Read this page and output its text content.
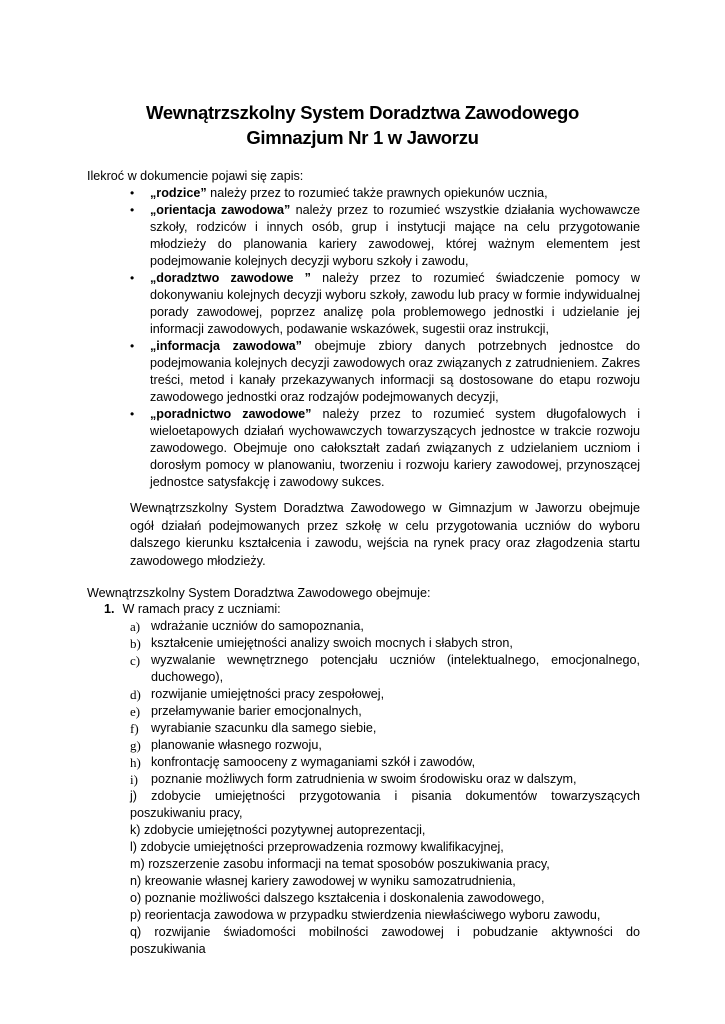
Wewnątrzszkolny System Doradztwa Zawodowego
Gimnazjum Nr 1 w Jaworzu
Ilekroć w dokumencie pojawi się zapis:
• „rodzice” należy przez to rozumieć także prawnych opiekunów ucznia,
• „orientacja zawodowa” należy przez to rozumieć wszystkie działania wychowawcze szkoły, rodziców i innych osób, grup i instytucji mające na celu przygotowanie młodzieży do planowania kariery zawodowej, której ważnym elementem jest podejmowanie kolejnych decyzji wyboru szkoły i zawodu,
• „doradztwo zawodowe ” należy przez to rozumieć świadczenie pomocy w dokonywaniu kolejnych decyzji wyboru szkoły, zawodu lub pracy w formie indywidualnej porady zawodowej, poprzez analizę pola problemowego jednostki i udzielanie jej informacji zawodowych, podawanie wskazówek, sugestii oraz instrukcji,
• „informacja zawodowa” obejmuje zbiory danych potrzebnych jednostce do podejmowania kolejnych decyzji zawodowych oraz związanych z zatrudnieniem. Zakres treści, metod i kanały przekazywanych informacji są dostosowane do etapu rozwoju zawodowego jednostki oraz rodzajów podejmowanych decyzji,
• „poradnictwo zawodowe” należy przez to rozumieć system długofalowych i wieloetapowych działań wychowawczych towarzyszących jednostce w trakcie rozwoju zawodowego. Obejmuje ono całokształt zadań związanych z udzielaniem uczniom i dorosłym pomocy w planowaniu, tworzeniu i rozwoju kariery zawodowej, przynoszącej jednostce satysfakcję i zawodowy sukces.

Wewnątrzszkolny System Doradztwa Zawodowego w Gimnazjum w Jaworzu obejmuje ogół działań podejmowanych przez szkołę w celu przygotowania uczniów do wyboru dalszego kierunku kształcenia i zawodu, wejścia na rynek pracy oraz złagodzenia startu zawodowego młodzieży.

Wewnątrzszkolny System Doradztwa Zawodowego obejmuje:
1. W ramach pracy z uczniami:
a) wdrażanie uczniów do samopoznania,
b) kształcenie umiejętności analizy swoich mocnych i słabych stron,
c) wyzwalanie wewnętrznego potencjału uczniów (intelektualnego, emocjonalnego, duchowego),
d) rozwijanie umiejętności pracy zespołowej,
e) przełamywanie barier emocjonalnych,
f) wyrabianie szacunku dla samego siebie,
g) planowanie własnego rozwoju,
h) konfrontację samooceny z wymaganiami szkół i zawodów,
i) poznanie możliwych form zatrudnienia w swoim środowisku oraz w dalszym,
j) zdobycie umiejętności przygotowania i pisania dokumentów towarzyszących poszukiwaniu pracy,
k) zdobycie umiejętności pozytywnej autoprezentacji,
l) zdobycie umiejętności przeprowadzenia rozmowy kwalifikacyjnej,
m) rozszerzenie zasobu informacji na temat sposobów poszukiwania pracy,
n) kreowanie własnej kariery zawodowej w wyniku samozatrudnienia,
o) poznanie możliwości dalszego kształcenia i doskonalenia zawodowego,
p) reorientacja zawodowa w przypadku stwierdzenia niewłaściwego wyboru zawodu,
q) rozwijanie świadomości mobilności zawodowej i pobudzanie aktywności do poszukiwania
